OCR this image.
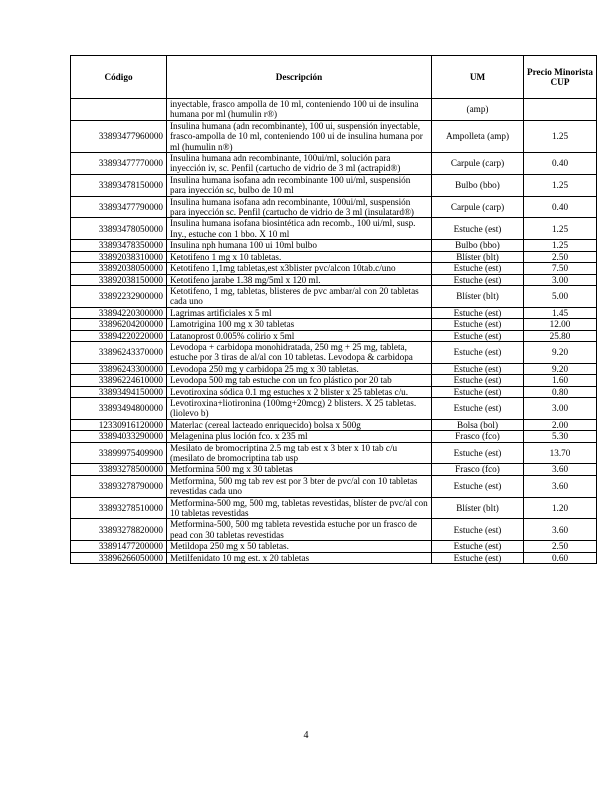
Código	Descripción	UM	Precio Minorista CUP
	inyectable, frasco ampolla de 10 ml, conteniendo 100 ui de insulina humana por ml (humulin r®)	(amp)	
33893477960000	Insulina humana (adn recombinante), 100 ui, suspensión inyectable, frasco-ampolla de 10 ml, conteniendo 100 ui de insulina humana por ml (humulin n®)	Ampolleta (amp)	1.25
33893477770000	Insulina humana adn recombinante, 100ui/ml, solución para inyección iv, sc. Penfil (cartucho de vidrio de 3 ml (actrapid®)	Carpule (carp)	0.40
33893478150000	Insulina humana isofana adn recombinante 100 ui/ml, suspensión para inyección sc, bulbo de 10 ml	Bulbo (bbo)	1.25
33893477790000	Insulina humana isofana adn recombinante, 100ui/ml, suspensión para inyección sc. Penfil (cartucho de vidrio de 3 ml (insulatard®)	Carpule (carp)	0.40
33893478050000	Insulina humana isofana biosintética adn recomb., 100 ui/ml, susp. Iny., estuche con 1 bbo. X 10 ml	Estuche (est)	1.25
33893478350000	Insulina nph humana 100 ui 10ml bulbo	Bulbo (bbo)	1.25
33892038310000	Ketotifeno 1 mg x 10 tabletas.	Blíster (blt)	2.50
33892038050000	Ketotifeno 1,1mg tabletas,est x3blister pvc/alcon 10tab.c/uno	Estuche (est)	7.50
33892038150000	Ketotifeno jarabe 1.38 mg/5ml x 120 ml.	Estuche (est)	3.00
33892232900000	Ketotifeno, 1 mg, tabletas, blisteres de pvc ambar/al con 20 tabletas cada uno	Blíster (blt)	5.00
33894220300000	Lagrimas artificiales x 5 ml	Estuche (est)	1.45
33896204200000	Lamotrigina 100 mg x 30 tabletas	Estuche (est)	12.00
33894220220000	Latanoprost 0.005% colirio x 5ml	Estuche (est)	25.80
33896243370000	Levodopa + carbidopa monohidratada, 250 mg + 25 mg, tableta, estuche por 3 tiras de al/al con 10 tabletas. Levodopa & carbidopa	Estuche (est)	9.20
33896243300000	Levodopa 250 mg y carbidopa 25 mg x 30 tabletas.	Estuche (est)	9.20
33896224610000	Levodopa 500 mg tab estuche con un fco plástico por 20 tab	Estuche (est)	1.60
33893494150000	Levotiroxina sódica 0.1 mg estuches x 2 blister x 25 tabletas c/u.	Estuche (est)	0.80
33893494800000	Levotiroxina+liotironina (100mg+20mcg) 2 blisters. X 25 tabletas.(liolevo b)	Estuche (est)	3.00
12330916120000	Materlac (cereal lacteado enriquecido) bolsa x 500g	Bolsa (bol)	2.00
33894033290000	Melagenina plus loción fco. x 235 ml	Frasco (fco)	5.30
33899975409900	Mesilato de bromocriptina 2.5 mg tab est x 3 bter x 10 tab c/u (mesilato de bromocriptina tab usp	Estuche (est)	13.70
33893278500000	Metformina 500 mg x 30 tabletas	Frasco (fco)	3.60
33893278790000	Metformina, 500 mg tab rev est por 3 bter de pvc/al con 10 tabletas revestidas cada uno	Estuche (est)	3.60
33893278510000	Metformina-500 mg, 500 mg, tabletas revestidas, blíster de pvc/al con 10 tabletas revestidas	Blíster (blt)	1.20
33893278820000	Metformina-500, 500 mg tableta revestida estuche por un frasco de pead con 30 tabletas revestidas	Estuche (est)	3.60
33891477200000	Metildopa 250 mg x 50 tabletas.	Estuche (est)	2.50
33896266050000	Metilfenidato 10 mg est. x 20 tabletas	Estuche (est)	0.60
4
